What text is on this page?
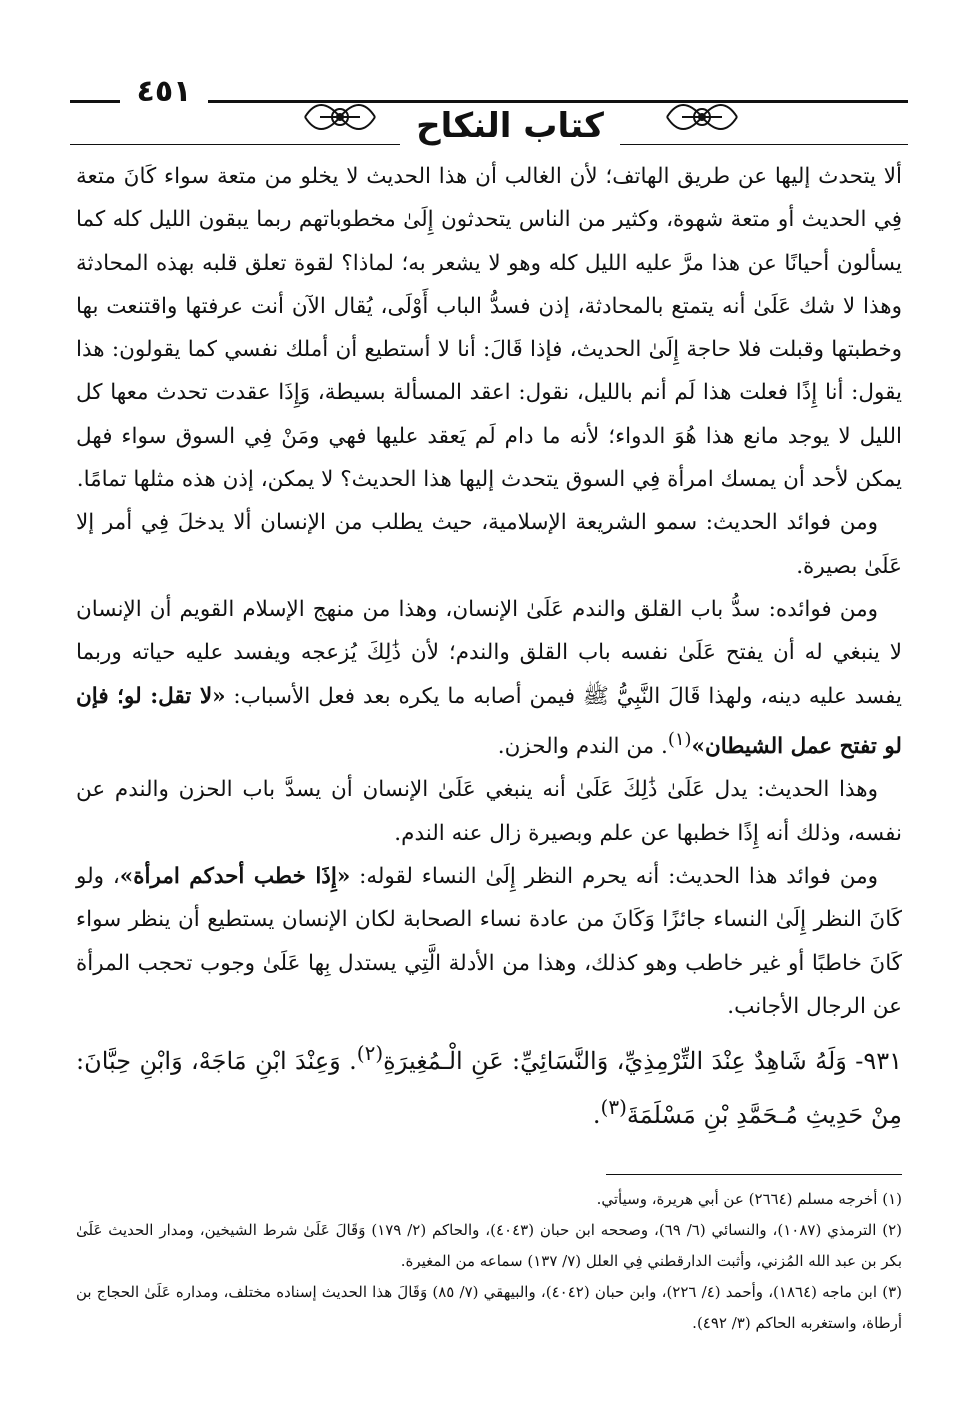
٤٥١
كتاب النكاح

ألا يتحدث إليها عن طريق الهاتف؛ لأن الغالب أن هذا الحديث لا يخلو من متعة سواء كَانَ متعة فِي الحديث أو متعة شهوة، وكثير من الناس يتحدثون إِلَىٰ مخطوباتهم ربما يبقون الليل كله كما يسألون أحيانًا عن هذا مرَّ عليه الليل كله وهو لا يشعر به؛ لماذا؟ لقوة تعلق قلبه بهذه المحادثة وهذا لا شك عَلَىٰ أنه يتمتع بالمحادثة، إذن فسدُّ الباب أَوْلَى، يُقال الآن أنت عرفتها واقتنعت بها وخطبتها وقبلت فلا حاجة إِلَىٰ الحديث، فإذا قَالَ: أنا لا أستطيع أن أملك نفسي كما يقولون: هذا يقول: أنا إِذًا فعلت هذا لَم أنم بالليل، نقول: اعقد المسألة بسيطة، وَإِذَا عقدت تحدث معها كل الليل لا يوجد مانع هذا هُوَ الدواء؛ لأنه ما دام لَم يَعقد عليها فهي ومَنْ فِي السوق سواء فهل يمكن لأحد أن يمسك امرأة فِي السوق يتحدث إليها هذا الحديث؟ لا يمكن، إذن هذه مثلها تمامًا.

ومن فوائد الحديث: سمو الشريعة الإسلامية، حيث يطلب من الإنسان ألا يدخلَ فِي أمر إلا عَلَىٰ بصيرة.

ومن فوائده: سدُّ باب القلق والندم عَلَىٰ الإنسان، وهذا من منهج الإسلام القويم أن الإنسان لا ينبغي له أن يفتح عَلَىٰ نفسه باب القلق والندم؛ لأن ذَٰلِكَ يُزعجه ويفسد عليه حياته وربما يفسد عليه دينه، ولهذا قَالَ النَّبِيُّ ﷺ فيمن أصابه ما يكره بعد فعل الأسباب: «لا تقل: لو؛ فإن لو تفتح عمل الشيطان»$^{(١)}$. من الندم والحزن.

وهذا الحديث: يدل عَلَىٰ ذَٰلِكَ عَلَىٰ أنه ينبغي عَلَىٰ الإنسان أن يسدَّ باب الحزن والندم عن نفسه، وذلك أنه إِذًا خطبها عن علم وبصيرة زال عنه الندم.

ومن فوائد هذا الحديث: أنه يحرم النظر إِلَىٰ النساء لقوله: «إِذَا خطب أحدكم امرأة»، ولو كَانَ النظر إِلَىٰ النساء جائزًا وَكَانَ من عادة نساء الصحابة لكان الإنسان يستطيع أن ينظر سواء كَانَ خاطبًا أو غير خاطب وهو كذلك، وهذا من الأدلة الَّتِي يستدل بِها عَلَىٰ وجوب تحجب المرأة عن الرجال الأجانب.

٩٣١- وَلَهُ شَاهِدٌ عِنْدَ التِّرْمِذِيِّ، وَالنَّسَائِيِّ: عَنِ الْـمُغِيرَةِ$^{(٢)}$. وَعِنْدَ ابْنِ مَاجَهْ، وَابْنِ حِبَّانَ: مِنْ حَدِيثِ مُـحَمَّدِ بْنِ مَسْلَمَةَ$^{(٣)}$.

(١) أخرجه مسلم (٢٦٦٤) عن أبي هريرة، وسيأتي.

(٢) الترمذي (١٠٨٧)، والنسائي (٦/ ٦٩)، وصححه ابن حبان (٤٠٤٣)، والحاكم (٢/ ١٧٩) وَقَالَ عَلَىٰ شرط الشيخين، ومدار الحديث عَلَىٰ بكر بن عبد الله المُزني، وأثبت الدارقطني فِي العلل (٧/ ١٣٧) سماعه من المغيرة.

(٣) ابن ماجه (١٨٦٤)، وأحمد (٤/ ٢٢٦)، وابن حبان (٤٠٤٢)، والبيهقي (٧/ ٨٥) وَقَالَ هذا الحديث إسناده مختلف، ومداره عَلَىٰ الحجاج بن أرطاة، واستغربه الحاكم (٣/ ٤٩٢).
